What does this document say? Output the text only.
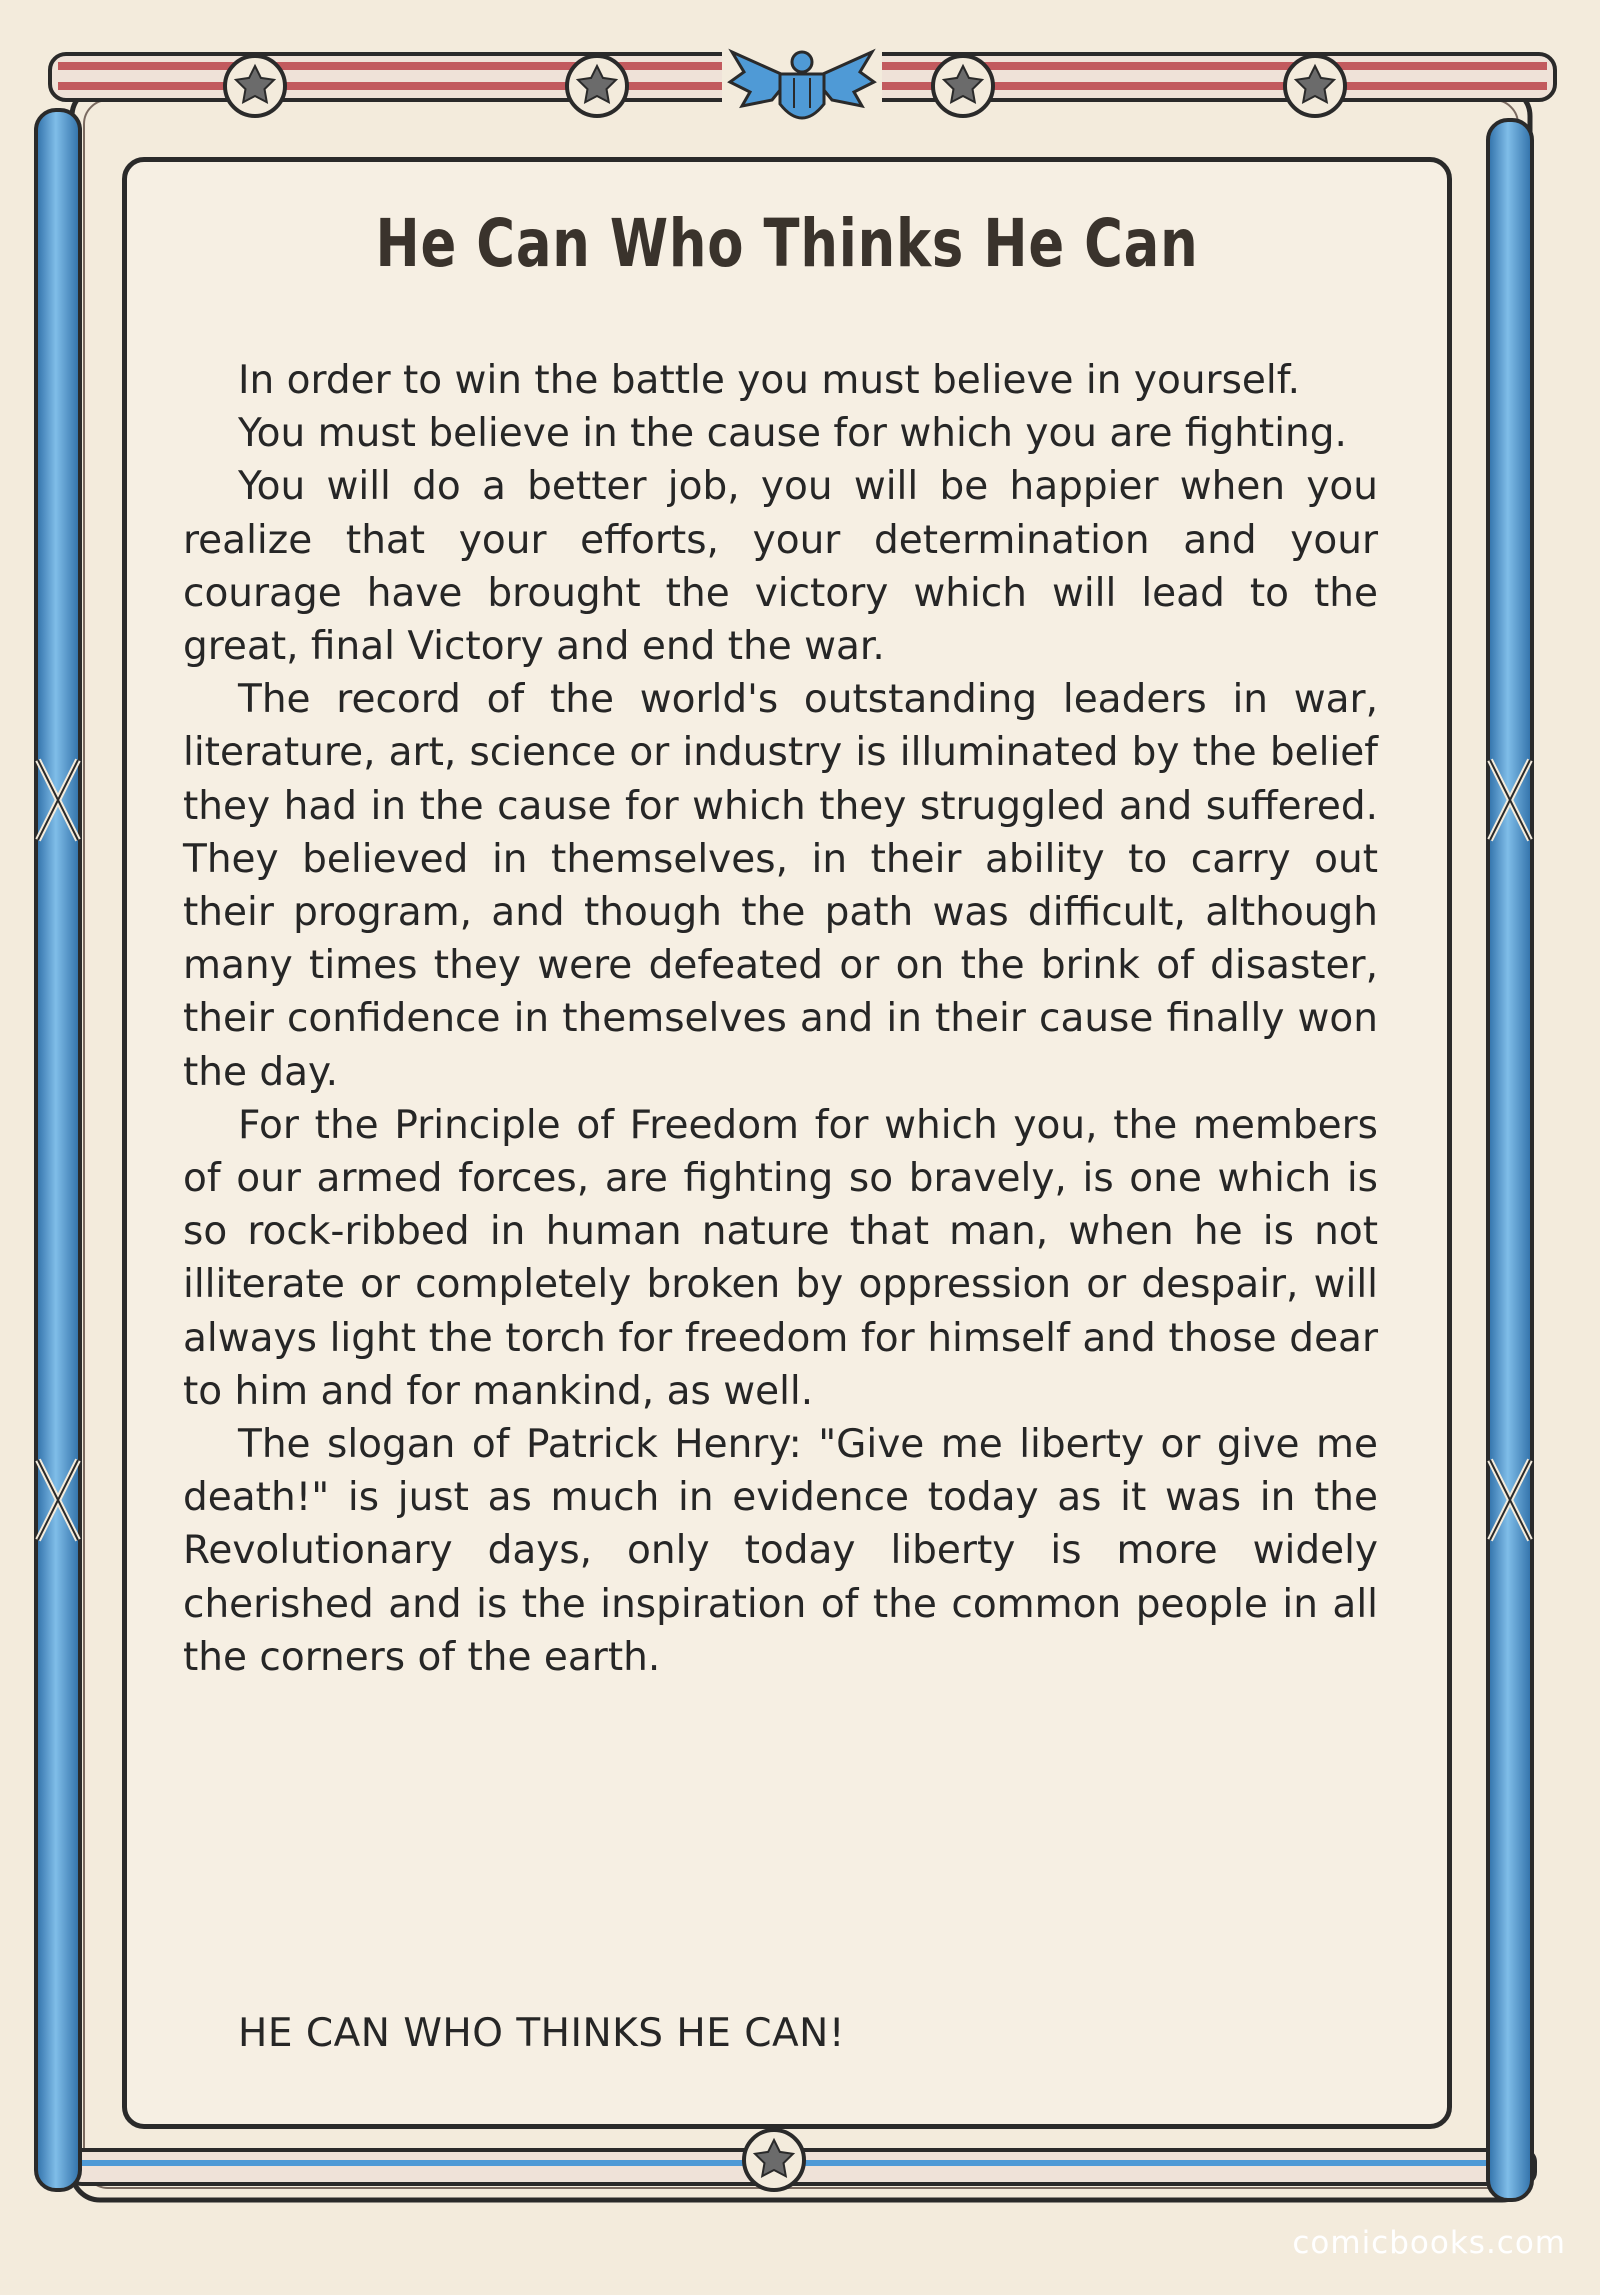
He Can Who Thinks He Can

In order to win the battle you must believe in yourself.

You must believe in the cause for which you are fighting.

You will do a better job, you will be happier when you realize that your efforts, your determination and your courage have brought the victory which will lead to the great, final Victory and end the war.

The record of the world's outstanding leaders in war, literature, art, science or industry is illuminated by the belief they had in the cause for which they struggled and suffered. They believed in themselves, in their ability to carry out their program, and though the path was difficult, although many times they were defeated or on the brink of disaster, their confidence in themselves and in their cause finally won the day.

For the Principle of Freedom for which you, the members of our armed forces, are fighting so bravely, is one which is so rock-ribbed in human nature that man, when he is not illiterate or completely broken by oppression or despair, will always light the torch for freedom for himself and those dear to him and for mankind, as well.

The slogan of Patrick Henry: "Give me liberty or give me death!" is just as much in evidence today as it was in the Revolutionary days, only today liberty is more widely cherished and is the inspiration of the common people in all the corners of the earth.

HE CAN WHO THINKS HE CAN!

comicbooks.com
